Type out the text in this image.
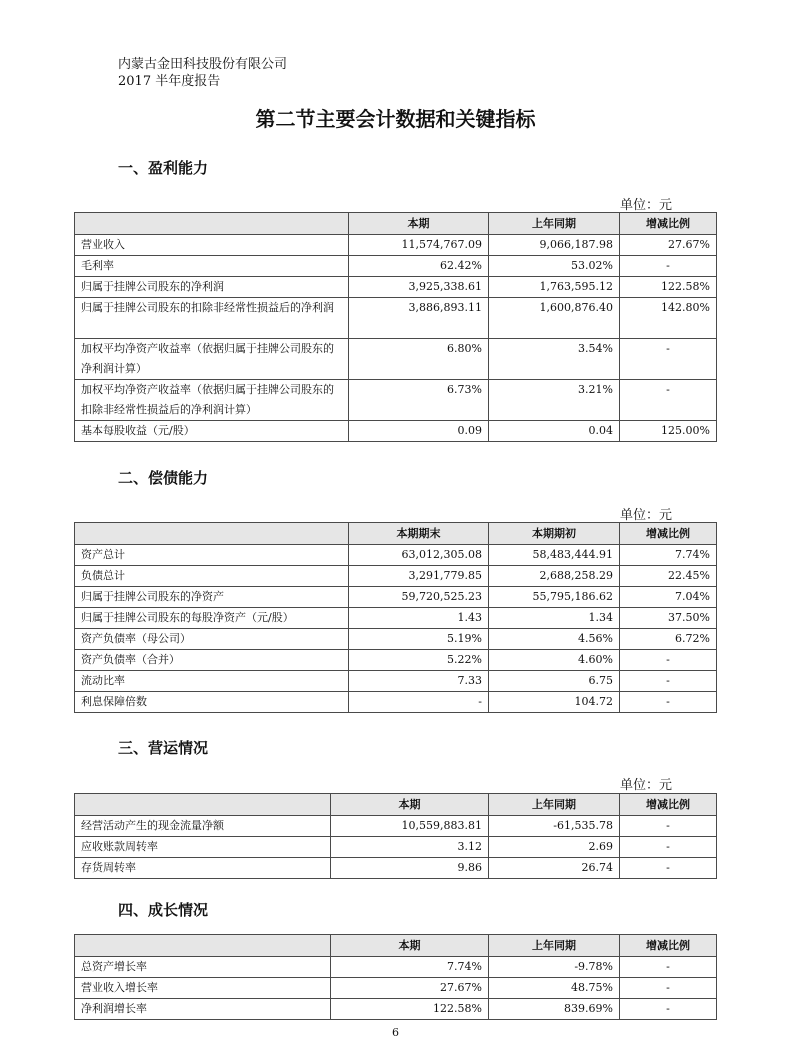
内蒙古金田科技股份有限公司
2017 半年度报告
第二节主要会计数据和关键指标
一、盈利能力
单位：元
	本期	上年同期	增减比例
营业收入	11,574,767.09	9,066,187.98	27.67%
毛利率	62.42%	53.02%	-
归属于挂牌公司股东的净利润	3,925,338.61	1,763,595.12	122.58%
归属于挂牌公司股东的扣除非经常性损益后的净利润	3,886,893.11	1,600,876.40	142.80%
加权平均净资产收益率（依据归属于挂牌公司股东的净利润计算）	6.80%	3.54%	-
加权平均净资产收益率（依据归属于挂牌公司股东的扣除非经常性损益后的净利润计算）	6.73%	3.21%	-
基本每股收益（元/股）	0.09	0.04	125.00%
二、偿债能力
单位：元
	本期期末	本期期初	增减比例
资产总计	63,012,305.08	58,483,444.91	7.74%
负债总计	3,291,779.85	2,688,258.29	22.45%
归属于挂牌公司股东的净资产	59,720,525.23	55,795,186.62	7.04%
归属于挂牌公司股东的每股净资产（元/股）	1.43	1.34	37.50%
资产负债率（母公司）	5.19%	4.56%	6.72%
资产负债率（合并）	5.22%	4.60%	-
流动比率	7.33	6.75	-
利息保障倍数	-	104.72	-
三、营运情况
单位：元
	本期	上年同期	增减比例
经营活动产生的现金流量净额	10,559,883.81	-61,535.78	-
应收账款周转率	3.12	2.69	-
存货周转率	9.86	26.74	-
四、成长情况
	本期	上年同期	增减比例
总资产增长率	7.74%	-9.78%	-
营业收入增长率	27.67%	48.75%	-
净利润增长率	122.58%	839.69%	-
6
